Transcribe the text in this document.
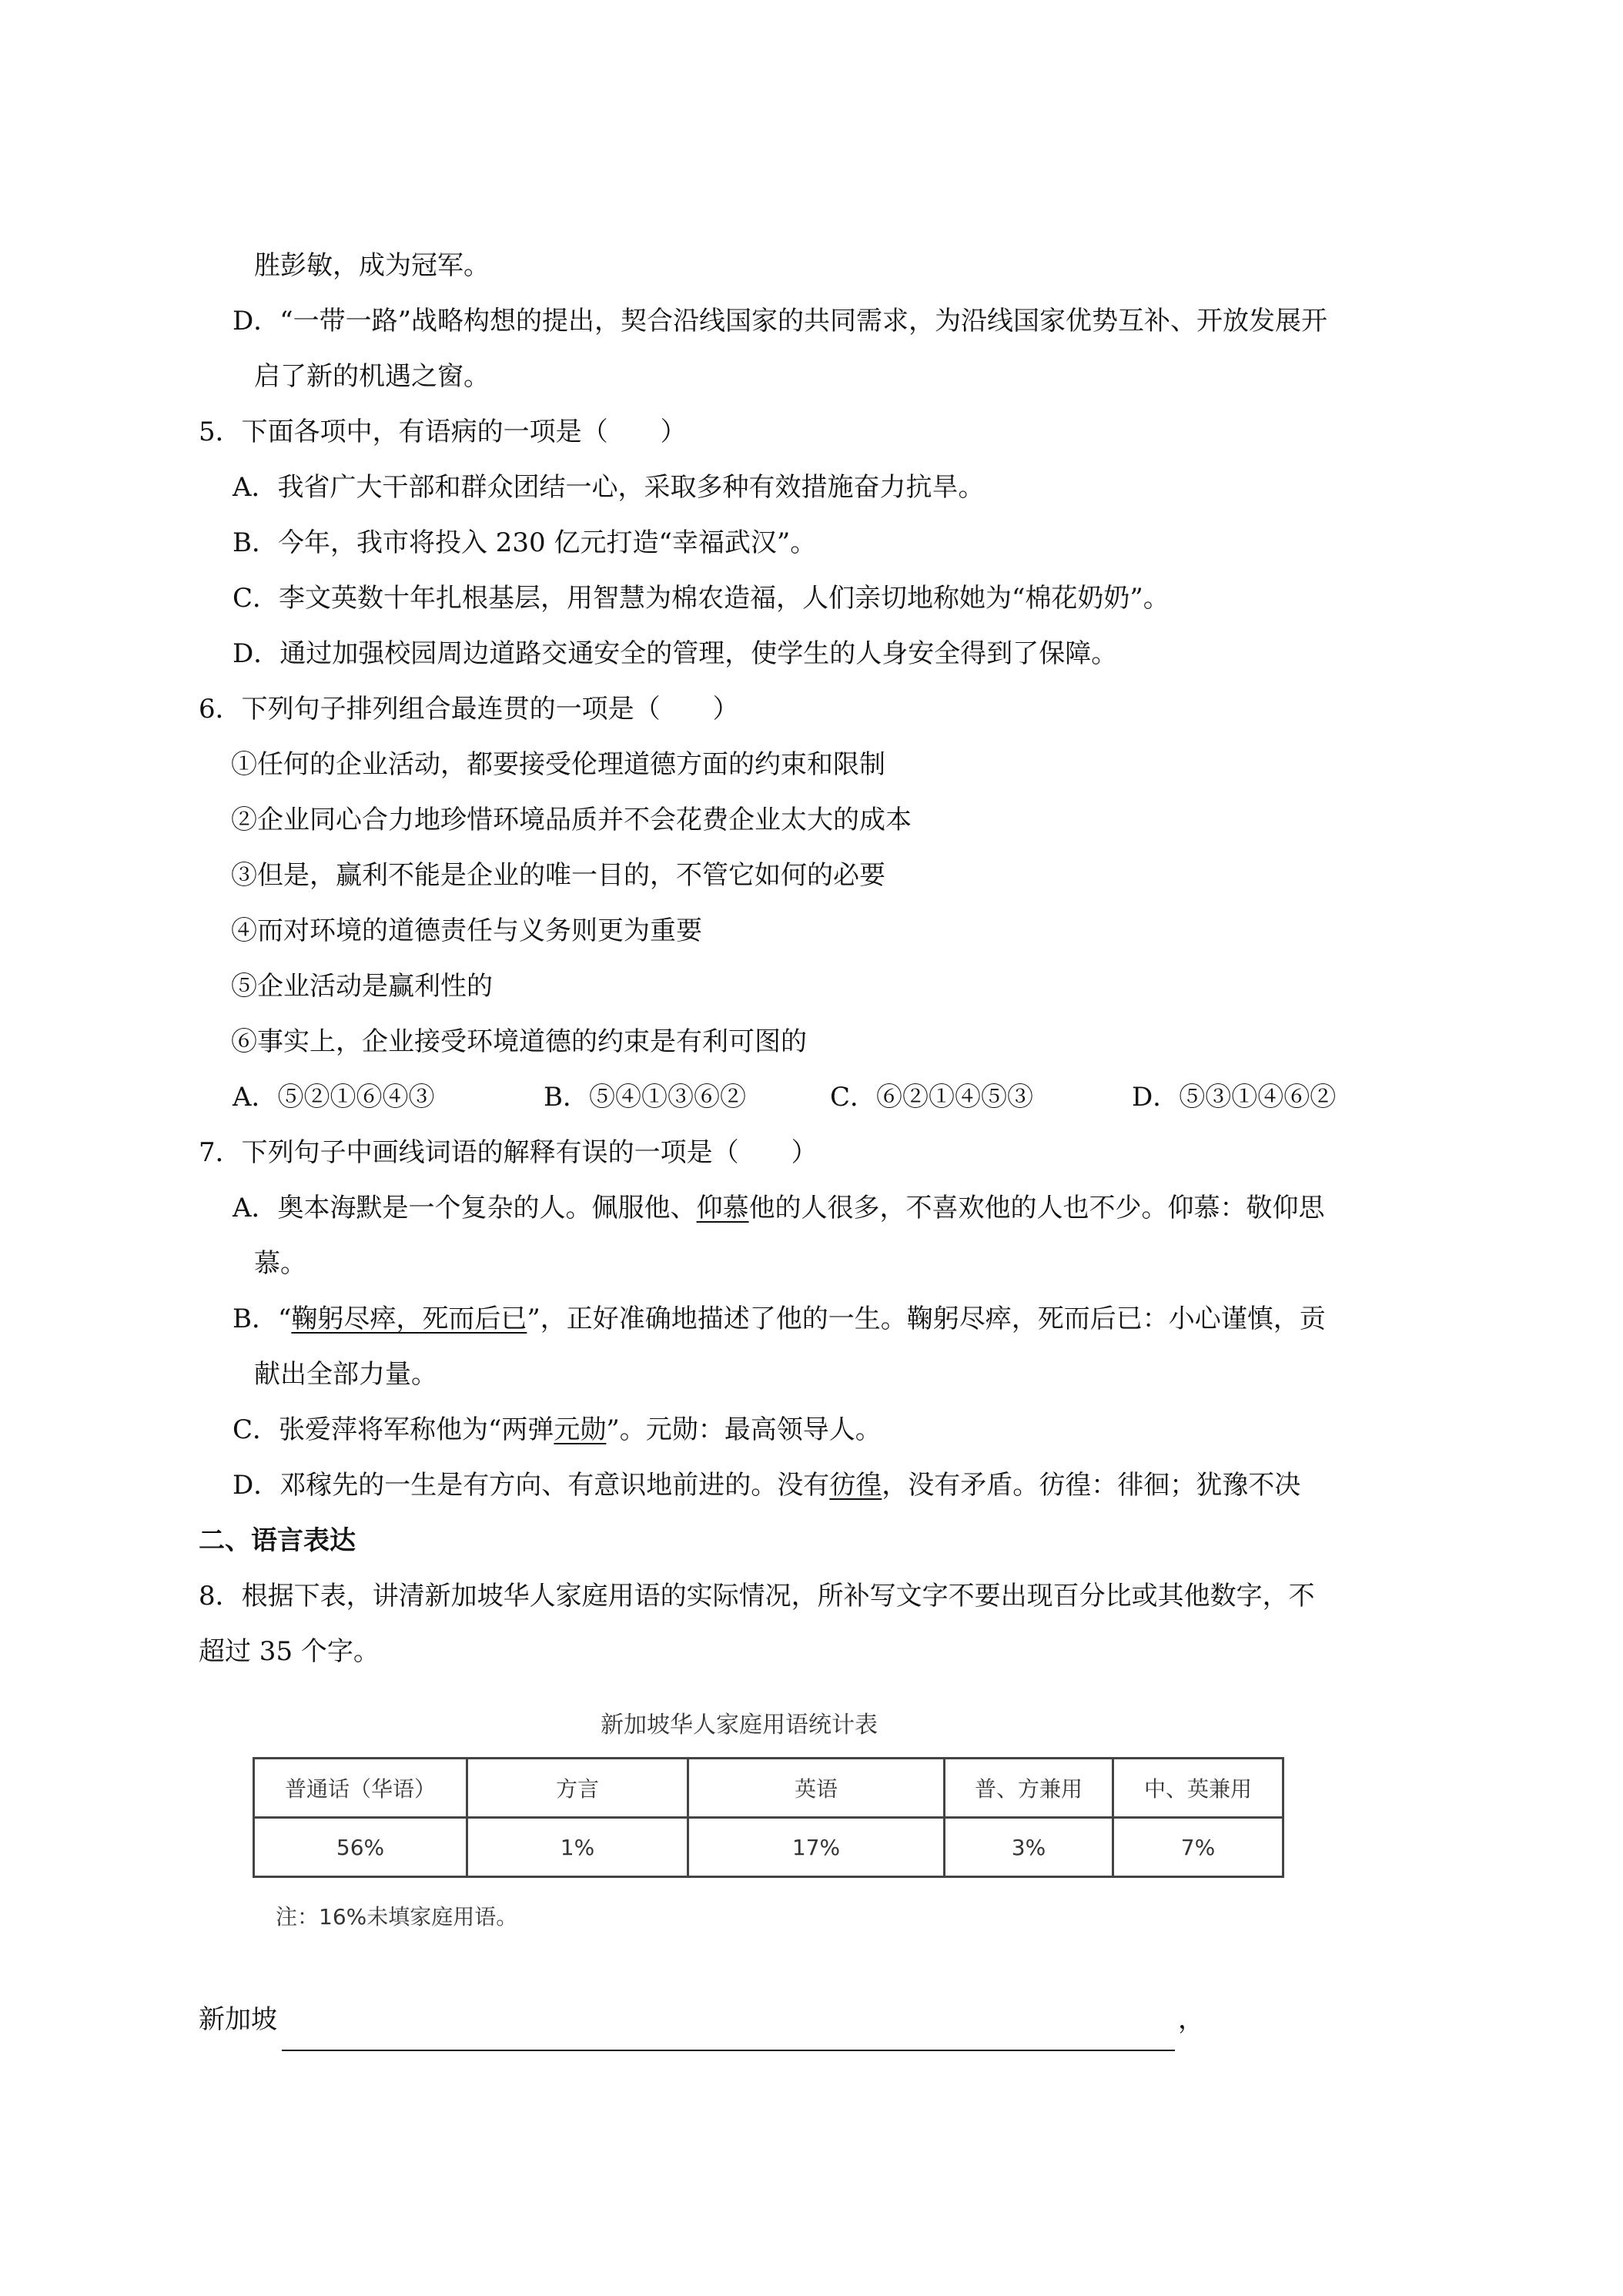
胜彭敏，成为冠军。
D．“一带一路”战略构想的提出，契合沿线国家的共同需求，为沿线国家优势互补、开放发展开
启了新的机遇之窗。
5．下面各项中，有语病的一项是（　　）
A．我省广大干部和群众团结一心，采取多种有效措施奋力抗旱。
B．今年，我市将投入 230 亿元打造“幸福武汉”。
C．李文英数十年扎根基层，用智慧为棉农造福，人们亲切地称她为“棉花奶奶”。
D．通过加强校园周边道路交通安全的管理，使学生的人身安全得到了保障。
6．下列句子排列组合最连贯的一项是（　　）
①任何的企业活动，都要接受伦理道德方面的约束和限制
②企业同心合力地珍惜环境品质并不会花费企业太大的成本
③但是，赢利不能是企业的唯一目的，不管它如何的必要
④而对环境的道德责任与义务则更为重要
⑤企业活动是赢利性的
⑥事实上，企业接受环境道德的约束是有利可图的
A．⑤②①⑥④③	B．⑤④①③⑥②	C．⑥②①④⑤③	D．⑤③①④⑥②
7．下列句子中画线词语的解释有误的一项是（　　）
A．奥本海默是一个复杂的人。佩服他、仰慕他的人很多，不喜欢他的人也不少。仰慕：敬仰思
慕。
B．“鞠躬尽瘁，死而后已”，正好准确地描述了他的一生。鞠躬尽瘁，死而后已：小心谨慎，贡
献出全部力量。
C．张爱萍将军称他为“两弹元勋”。元勋：最高领导人。
D．邓稼先的一生是有方向、有意识地前进的。没有彷徨，没有矛盾。彷徨：徘徊；犹豫不决
二、语言表达
8．根据下表，讲清新加坡华人家庭用语的实际情况，所补写文字不要出现百分比或其他数字，不
超过 35 个字。
新加坡华人家庭用语统计表
普通话（华语）	方言	英语	普、方兼用	中、英兼用
56%	1%	17%	3%	7%
注：16%未填家庭用语。
新加坡	，
